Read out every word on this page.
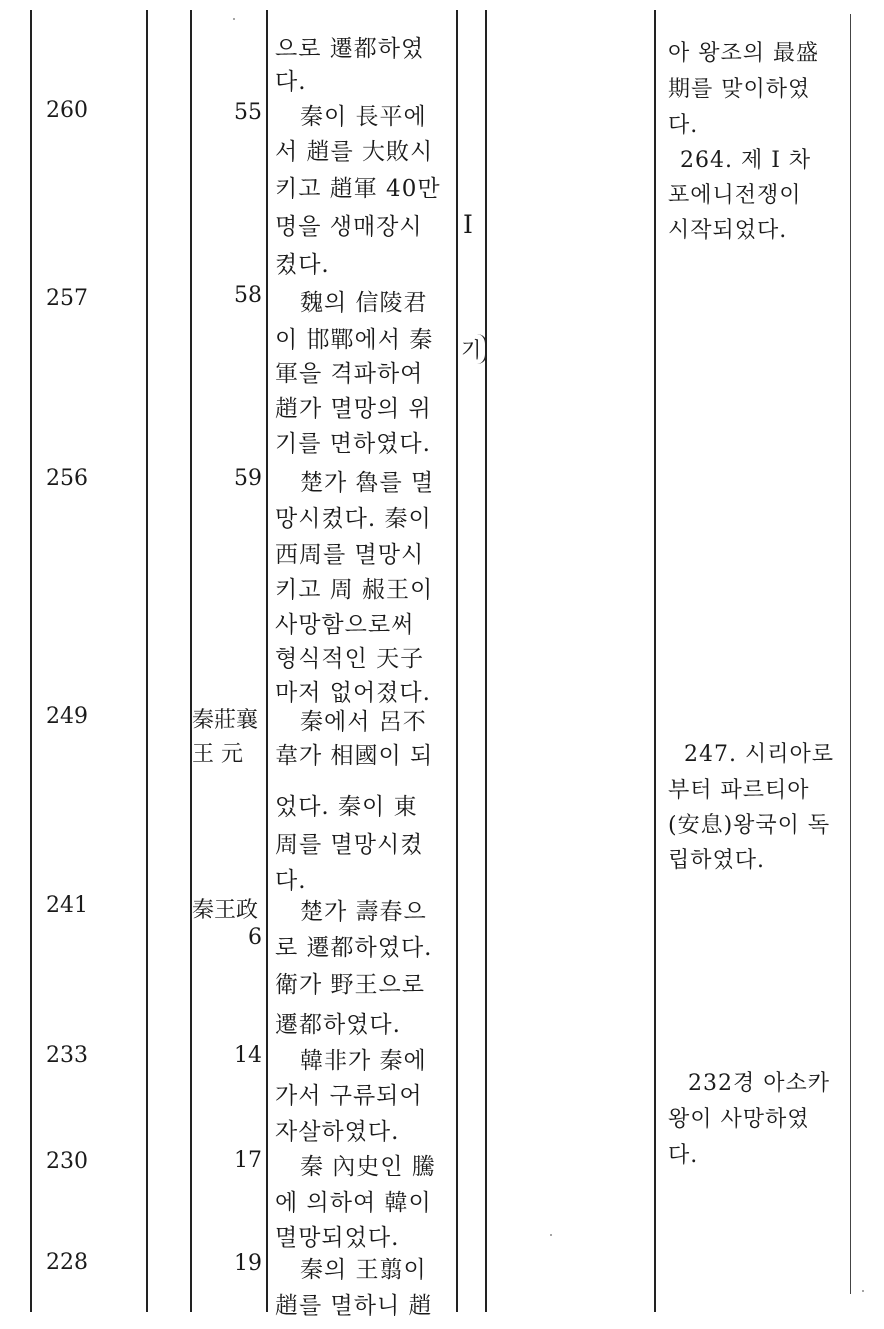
으로 遷都하였

다.

260

257

256

249

241

233

230

228

55

58

59

秦莊襄

王 元

秦王政

6

14

17

19

秦이 長平에

서 趙를 大敗시

키고 趙軍 40만

명을 생매장시

켰다.

魏의 信陵君

이 邯鄲에서 秦

軍을 격파하여

趙가 멸망의 위

기를 면하였다.

楚가 魯를 멸

망시켰다. 秦이

西周를 멸망시

키고 周 赧王이

사망함으로써

형식적인 天子

마저 없어졌다.

秦에서 呂不

韋가 相國이 되

었다. 秦이 東

周를 멸망시켰

다.

楚가 壽春으

로 遷都하였다.

衛가 野王으로

遷都하였다.

韓非가 秦에

가서 구류되어

자살하였다.

秦 內史인 騰

에 의하여 韓이

멸망되었다.

秦의 王翦이

趙를 멸하니 趙

I

기

아 왕조의 最盛

期를 맞이하였

다.

264. 제 I 차

포에니전쟁이

시작되었다.

247. 시리아로

부터 파르티아

(安息)왕국이 독

립하였다.

232경 아소카

왕이 사망하였

다.
